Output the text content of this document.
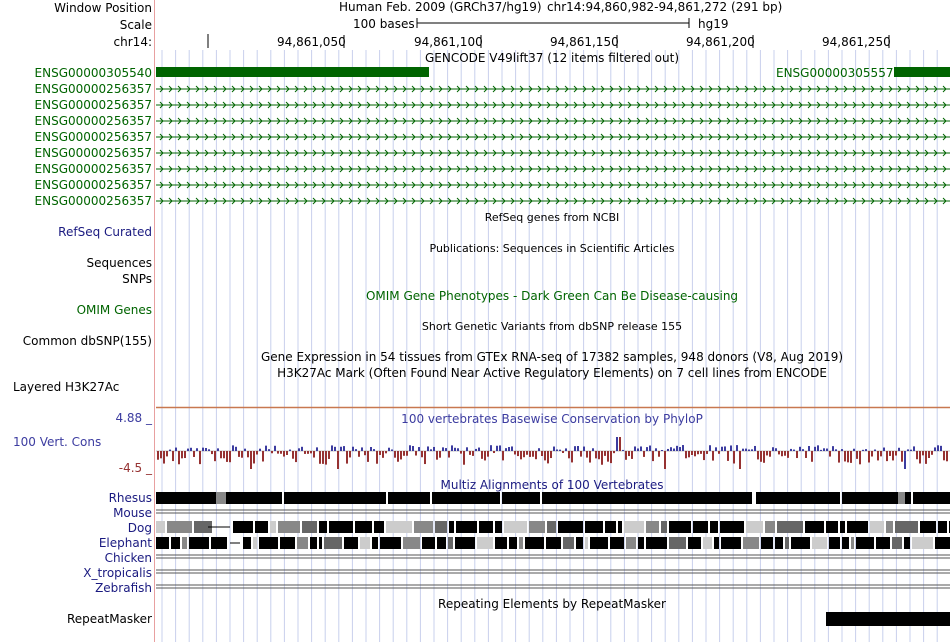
Window Position
Scale
chr14:
Human Feb. 2009 (GRCh37/hg19) chr14:94,860,982-94,861,272 (291 bp)
100 bases	hg19
94,861,050	94,861,100	94,861,150	94,861,200	94,861,250
GENCODE V49lift37 (12 items filtered out)
ENSG00000305540
ENSG00000256357
ENSG00000256357
ENSG00000256357
ENSG00000256357
ENSG00000256357
ENSG00000256357
ENSG00000256357
ENSG00000256357
ENSG00000305557
RefSeq genes from NCBI
RefSeq Curated
Publications: Sequences in Scientific Articles
Sequences
SNPs
OMIM Gene Phenotypes - Dark Green Can Be Disease-causing
OMIM Genes
Short Genetic Variants from dbSNP release 155
Common dbSNP(155)
Gene Expression in 54 tissues from GTEx RNA-seq of 17382 samples, 948 donors (V8, Aug 2019)
H3K27Ac Mark (Often Found Near Active Regulatory Elements) on 7 cell lines from ENCODE
Layered H3K27Ac
100 vertebrates Basewise Conservation by PhyloP
4.88 _
100 Vert. Cons
-4.5 _
Multiz Alignments of 100 Vertebrates
Rhesus
Mouse
Dog
Elephant
Chicken
X_tropicalis
Zebrafish
Repeating Elements by RepeatMasker
RepeatMasker
